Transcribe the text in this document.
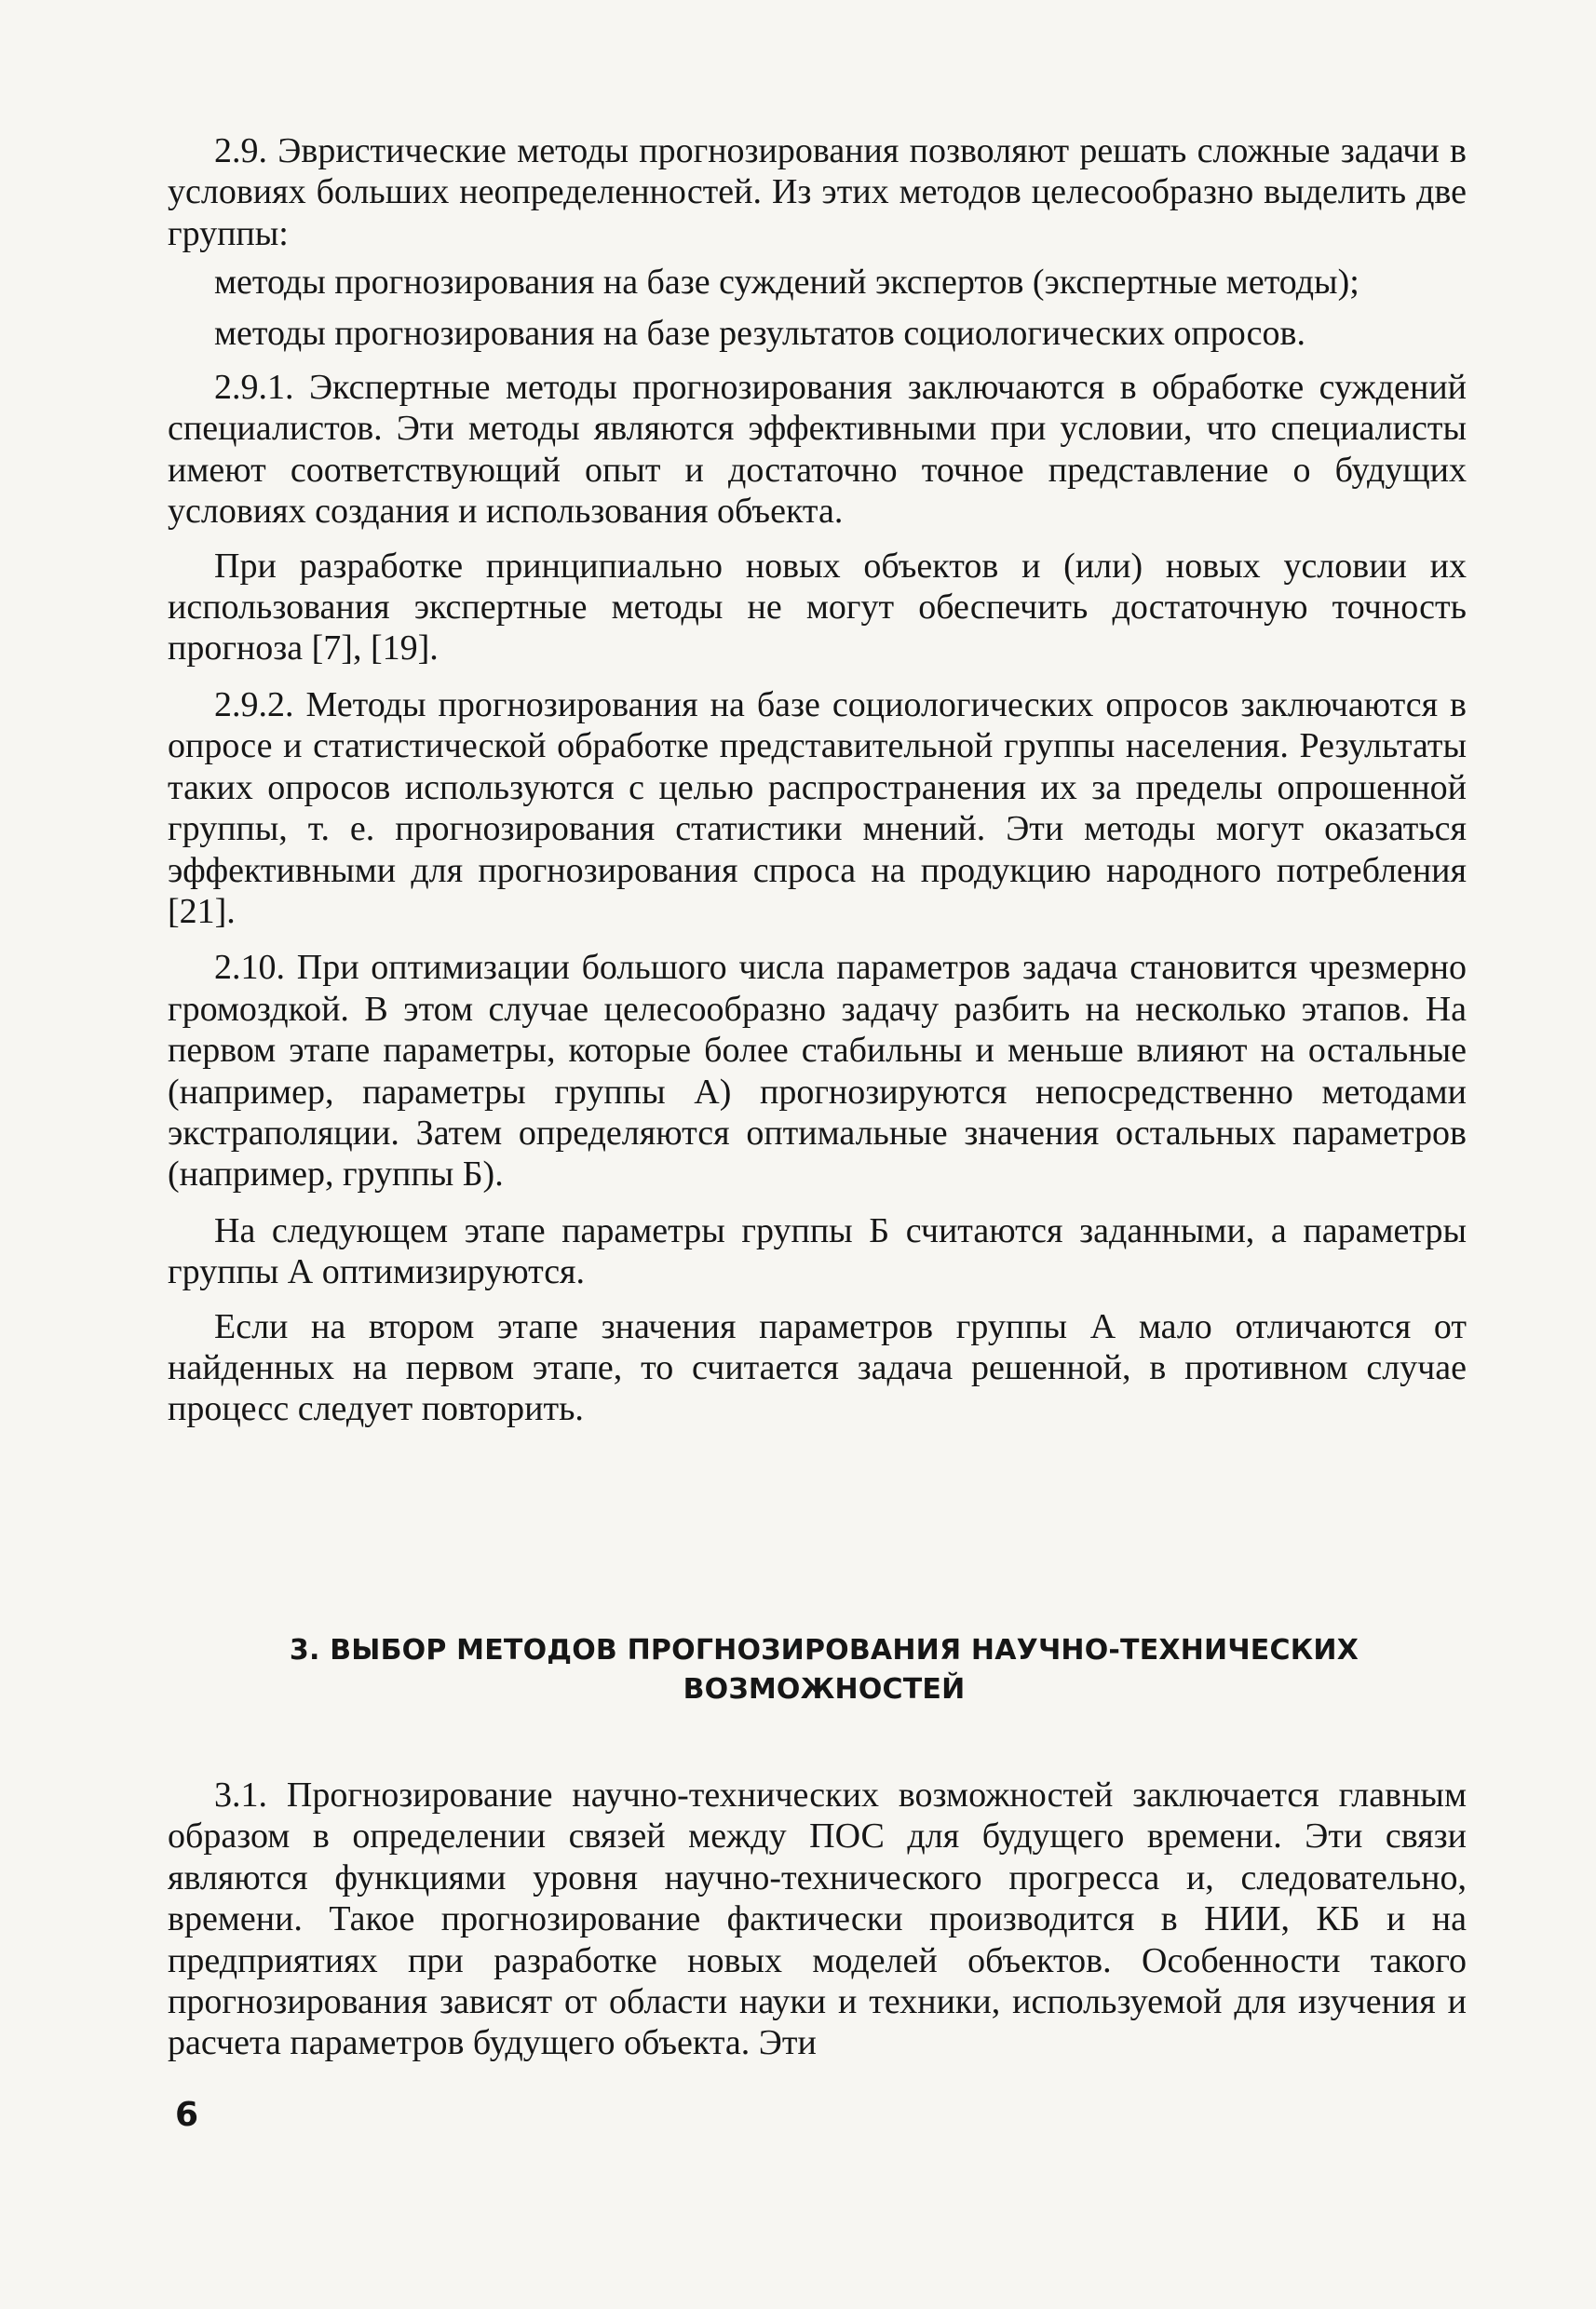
2.9. Эвристические методы прогнозирования позволяют решать сложные задачи в условиях больших неопределенностей. Из этих методов целесообразно выделить две группы:

методы прогнозирования на базе суждений экспертов (экспертные методы);

методы прогнозирования на базе результатов социологических опросов.

2.9.1. Экспертные методы прогнозирования заключаются в обработке суждений специалистов. Эти методы являются эффективными при условии, что специалисты имеют соответствующий опыт и достаточно точное представление о будущих условиях создания и использования объекта.

При разработке принципиально новых объектов и (или) новых условии их использования экспертные методы не могут обеспечить достаточную точность прогноза [7], [19].

2.9.2. Методы прогнозирования на базе социологических опросов заключаются в опросе и статистической обработке представительной группы населения. Результаты таких опросов используются с целью распространения их за пределы опрошенной группы, т. е. прогнозирования статистики мнений. Эти методы могут оказаться эффективными для прогнозирования спроса на продукцию народного потребления [21].

2.10. При оптимизации большого числа параметров задача становится чрезмерно громоздкой. В этом случае целесообразно задачу разбить на несколько этапов. На первом этапе параметры, которые более стабильны и меньше влияют на остальные (например, параметры группы А) прогнозируются непосредственно методами экстраполяции. Затем определяются оптимальные значения остальных параметров (например, группы Б).

На следующем этапе параметры группы Б считаются заданными, а параметры группы А оптимизируются.

Если на втором этапе значения параметров группы А мало отличаются от найденных на первом этапе, то считается задача решенной, в противном случае процесс следует повторить.

3. ВЫБОР МЕТОДОВ ПРОГНОЗИРОВАНИЯ НАУЧНО-ТЕХНИЧЕСКИХ
ВОЗМОЖНОСТЕЙ

3.1. Прогнозирование научно-технических возможностей заключается главным образом в определении связей между ПОС для будущего времени. Эти связи являются функциями уровня научно-технического прогресса и, следовательно, времени. Такое прогнозирование фактически производится в НИИ, КБ и на предприятиях при разработке новых моделей объектов. Особенности такого прогнозирования зависят от области науки и техники, используемой для изучения и расчета параметров будущего объекта. Эти

6
